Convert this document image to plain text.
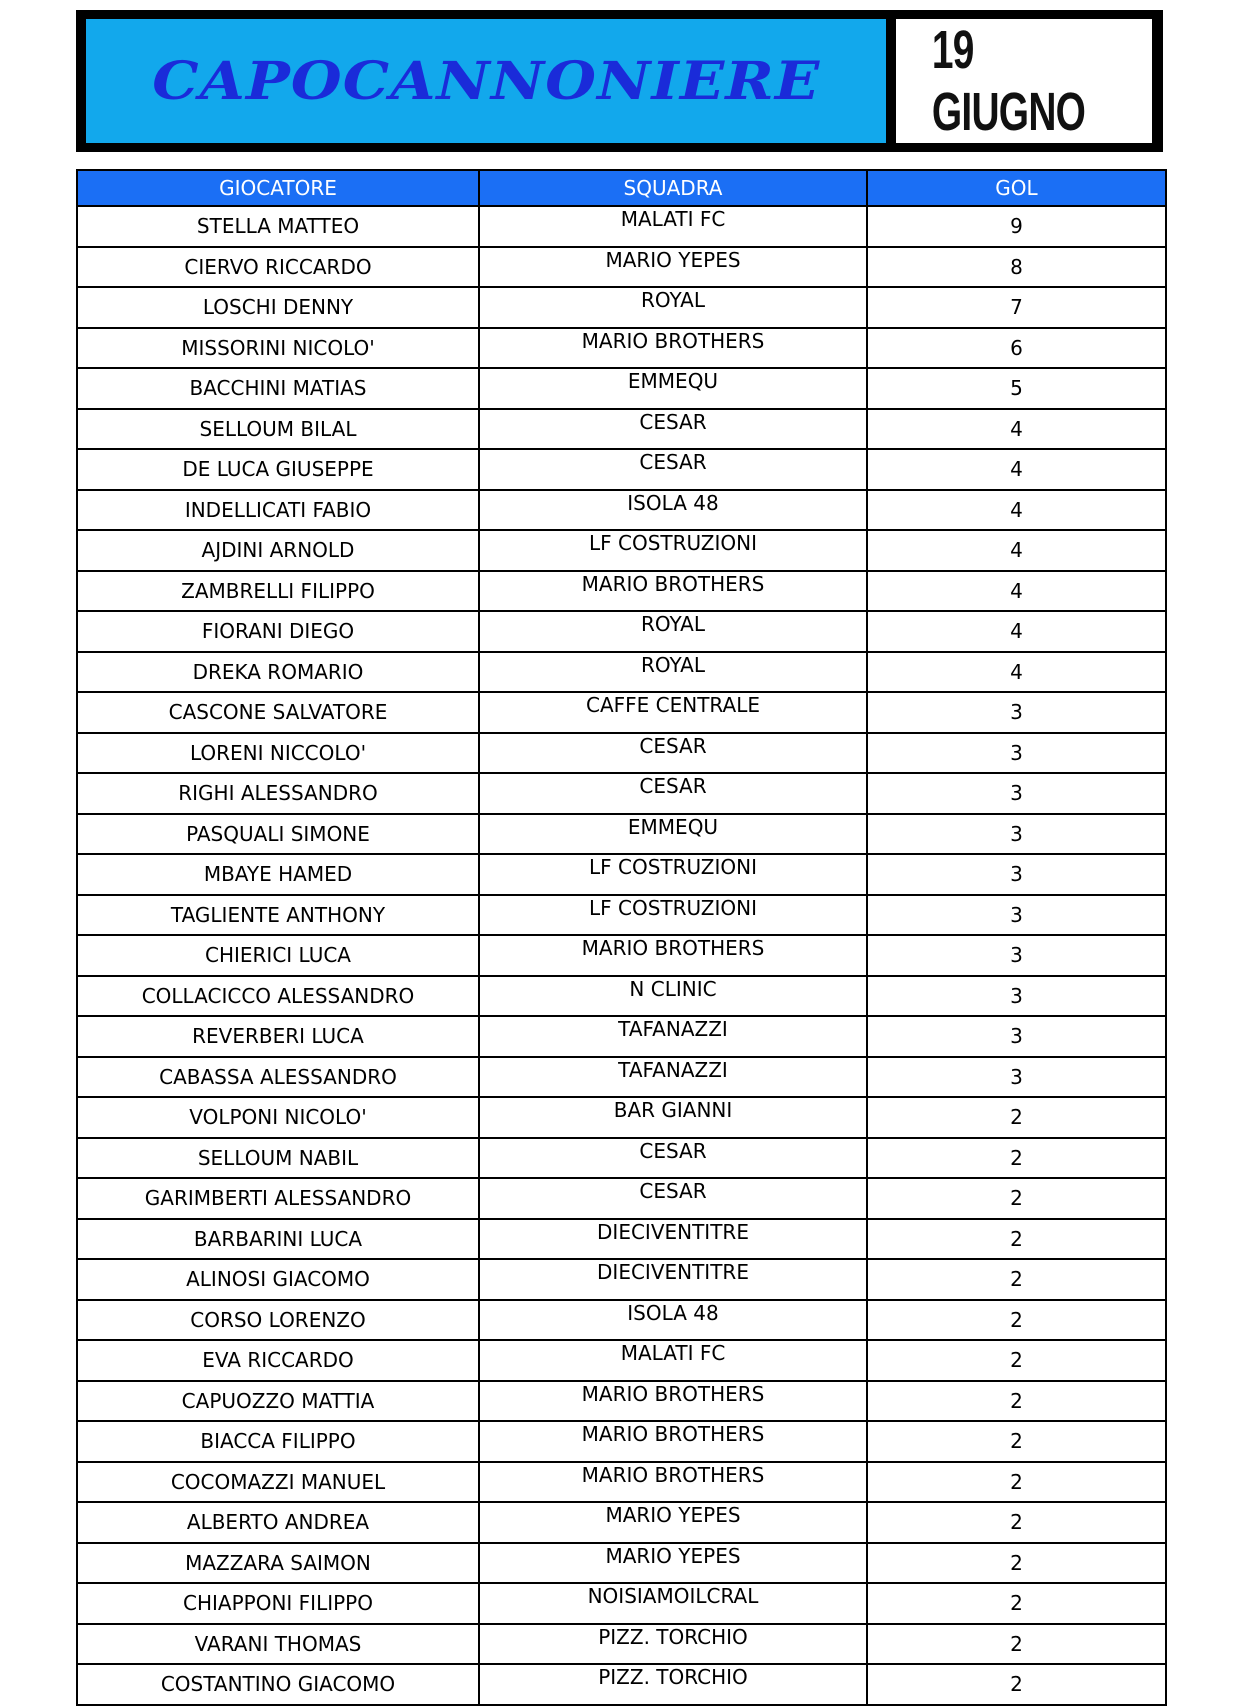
CAPOCANNONIERE
19 GIUGNO
GIOCATORE	SQUADRA	GOL
STELLA MATTEO	MALATI FC	9
CIERVO RICCARDO	MARIO YEPES	8
LOSCHI DENNY	ROYAL	7
MISSORINI NICOLO'	MARIO BROTHERS	6
BACCHINI MATIAS	EMMEQU	5
SELLOUM BILAL	CESAR	4
DE LUCA GIUSEPPE	CESAR	4
INDELLICATI FABIO	ISOLA 48	4
AJDINI ARNOLD	LF COSTRUZIONI	4
ZAMBRELLI FILIPPO	MARIO BROTHERS	4
FIORANI DIEGO	ROYAL	4
DREKA ROMARIO	ROYAL	4
CASCONE SALVATORE	CAFFE CENTRALE	3
LORENI NICCOLO'	CESAR	3
RIGHI ALESSANDRO	CESAR	3
PASQUALI SIMONE	EMMEQU	3
MBAYE HAMED	LF COSTRUZIONI	3
TAGLIENTE ANTHONY	LF COSTRUZIONI	3
CHIERICI LUCA	MARIO BROTHERS	3
COLLACICCO ALESSANDRO	N CLINIC	3
REVERBERI LUCA	TAFANAZZI	3
CABASSA ALESSANDRO	TAFANAZZI	3
VOLPONI NICOLO'	BAR GIANNI	2
SELLOUM NABIL	CESAR	2
GARIMBERTI ALESSANDRO	CESAR	2
BARBARINI LUCA	DIECIVENTITRE	2
ALINOSI GIACOMO	DIECIVENTITRE	2
CORSO LORENZO	ISOLA 48	2
EVA RICCARDO	MALATI FC	2
CAPUOZZO MATTIA	MARIO BROTHERS	2
BIACCA FILIPPO	MARIO BROTHERS	2
COCOMAZZI MANUEL	MARIO BROTHERS	2
ALBERTO ANDREA	MARIO YEPES	2
MAZZARA SAIMON	MARIO YEPES	2
CHIAPPONI FILIPPO	NOISIAMOILCRAL	2
VARANI THOMAS	PIZZ. TORCHIO	2
COSTANTINO GIACOMO	PIZZ. TORCHIO	2
